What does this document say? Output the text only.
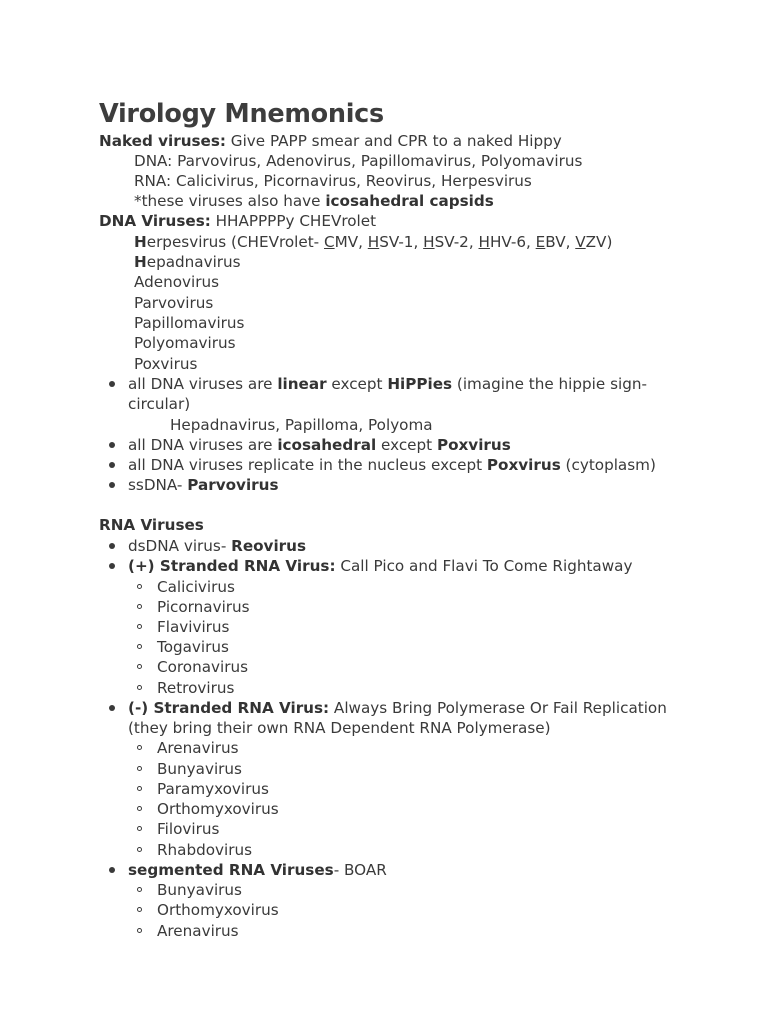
Virology Mnemonics

Naked viruses: Give PAPP smear and CPR to a naked Hippy

DNA: Parvovirus, Adenovirus, Papillomavirus, Polyomavirus

RNA: Calicivirus, Picornavirus, Reovirus, Herpesvirus

*these viruses also have icosahedral capsids

DNA Viruses: HHAPPPPy CHEVrolet

Herpesvirus (CHEVrolet- CMV, HSV-1, HSV-2, HHV-6, EBV, VZV)

Hepadnavirus

Adenovirus

Parvovirus

Papillomavirus

Polyomavirus

Poxvirus

all DNA viruses are linear except HiPPies (imagine the hippie sign-

circular)

Hepadnavirus, Papilloma, Polyoma

all DNA viruses are icosahedral except Poxvirus

all DNA viruses replicate in the nucleus except Poxvirus (cytoplasm)

ssDNA- Parvovirus

RNA Viruses

dsDNA virus- Reovirus

(+) Stranded RNA Virus: Call Pico and Flavi To Come Rightaway

Calicivirus

Picornavirus

Flavivirus

Togavirus

Coronavirus

Retrovirus

(-) Stranded RNA Virus: Always Bring Polymerase Or Fail Replication

(they bring their own RNA Dependent RNA Polymerase)

Arenavirus

Bunyavirus

Paramyxovirus

Orthomyxovirus

Filovirus

Rhabdovirus

segmented RNA Viruses- BOAR

Bunyavirus

Orthomyxovirus

Arenavirus
